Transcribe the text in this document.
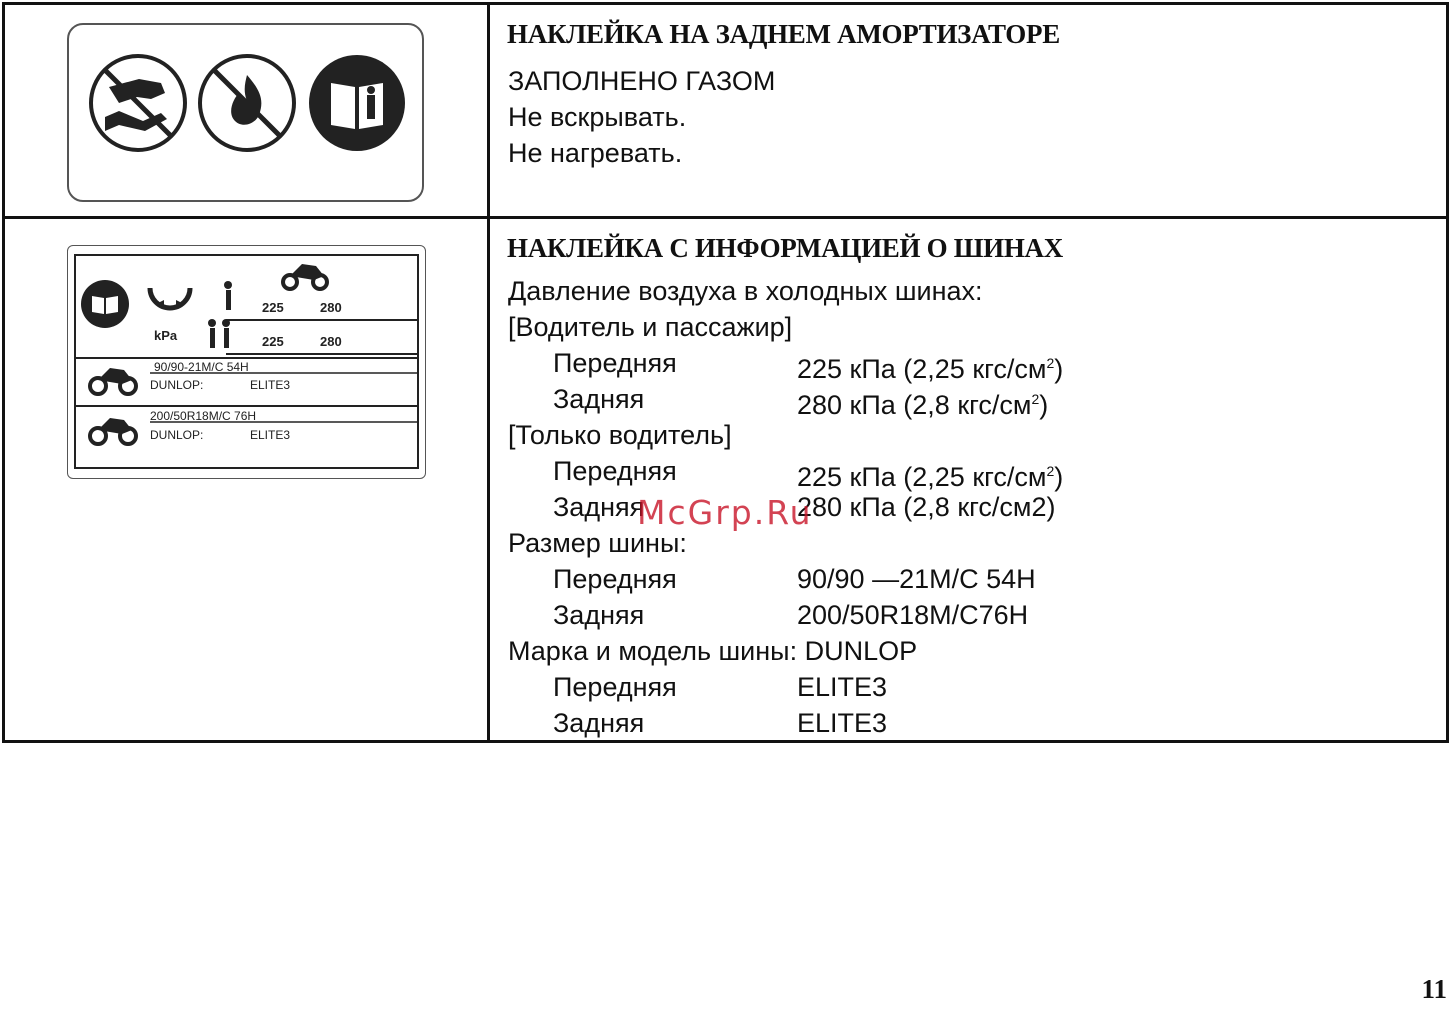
kPa
225	280
225	280
90/90-21M/C 54H
DUNLOP:	ELITE3
200/50R18M/C 76H
DUNLOP:	ELITE3
НАКЛЕЙКА НА ЗАДНЕМ АМОРТИЗАТОРЕ
ЗАПОЛНЕНО ГАЗОМ
Не вскрывать.
Не нагревать.
НАКЛЕЙКА С ИНФОРМАЦИЕЙ О ШИНАХ
Давление воздуха в холодных шинах:
[Водитель и пассажир]
Передняя	225 кПа (2,25 кгс/$см^2$)
Задняя	280 кПа (2,8 кгс/$см^2$)
[Только водитель]
Передняя	225 кПа (2,25 кгс/$см^2$)
Задняя	280 кПа (2,8 кгс/см2)
Размер шины:
Передняя	90/90 —21M/C 54H
Задняя	200/50R18M/C76H
Марка и модель шины: DUNLOP
Передняя	ELITE3
Задняя	ELITE3
McGrp.Ru
11
